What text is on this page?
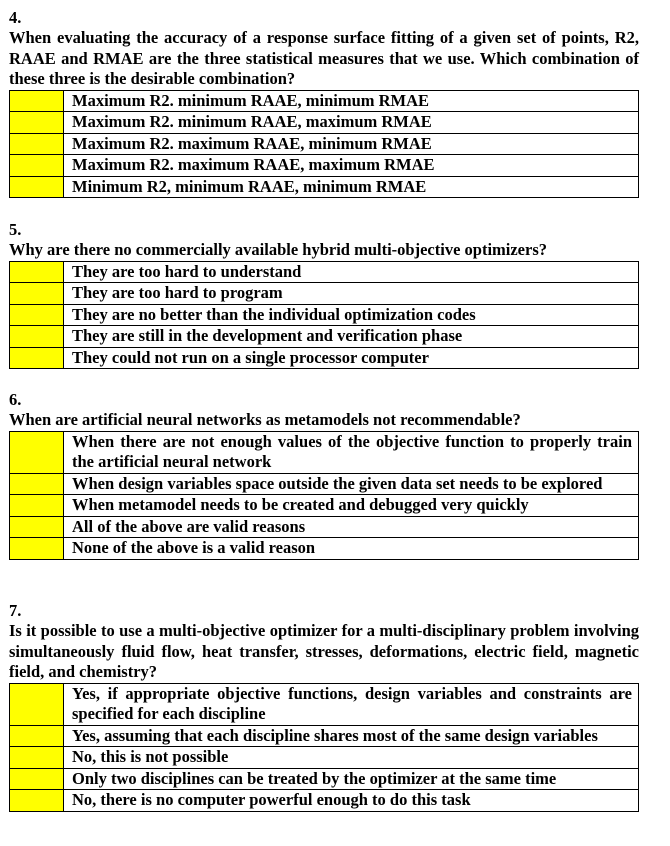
4.
When evaluating the accuracy of a response surface fitting of a given set of points, R2, RAAE and RMAE are the three statistical measures that we use. Which combination of these three is the desirable combination?
	Maximum R2. minimum RAAE, minimum RMAE
	Maximum R2. minimum RAAE, maximum RMAE
	Maximum R2. maximum RAAE, minimum RMAE
	Maximum R2. maximum RAAE, maximum RMAE
	Minimum R2, minimum RAAE, minimum RMAE
5.
Why are there no commercially available hybrid multi-objective optimizers?
	They are too hard to understand
	They are too hard to program
	They are no better than the individual optimization codes
	They are still in the development and verification phase
	They could not run on a single processor computer
6.
When are artificial neural networks as metamodels not recommendable?
	When there are not enough values of the objective function to properly train the artificial neural network
	When design variables space outside the given data set needs to be explored
	When metamodel needs to be created and debugged very quickly
	All of the above are valid reasons
	None of the above is a valid reason
7.
Is it possible to use a multi-objective optimizer for a multi-disciplinary problem involving simultaneously fluid flow, heat transfer, stresses, deformations, electric field, magnetic field, and chemistry?
	Yes, if appropriate objective functions, design variables and constraints are specified for each discipline
	Yes, assuming that each discipline shares most of the same design variables
	No, this is not possible
	Only two disciplines can be treated by the optimizer at the same time
	No, there is no computer powerful enough to do this task
